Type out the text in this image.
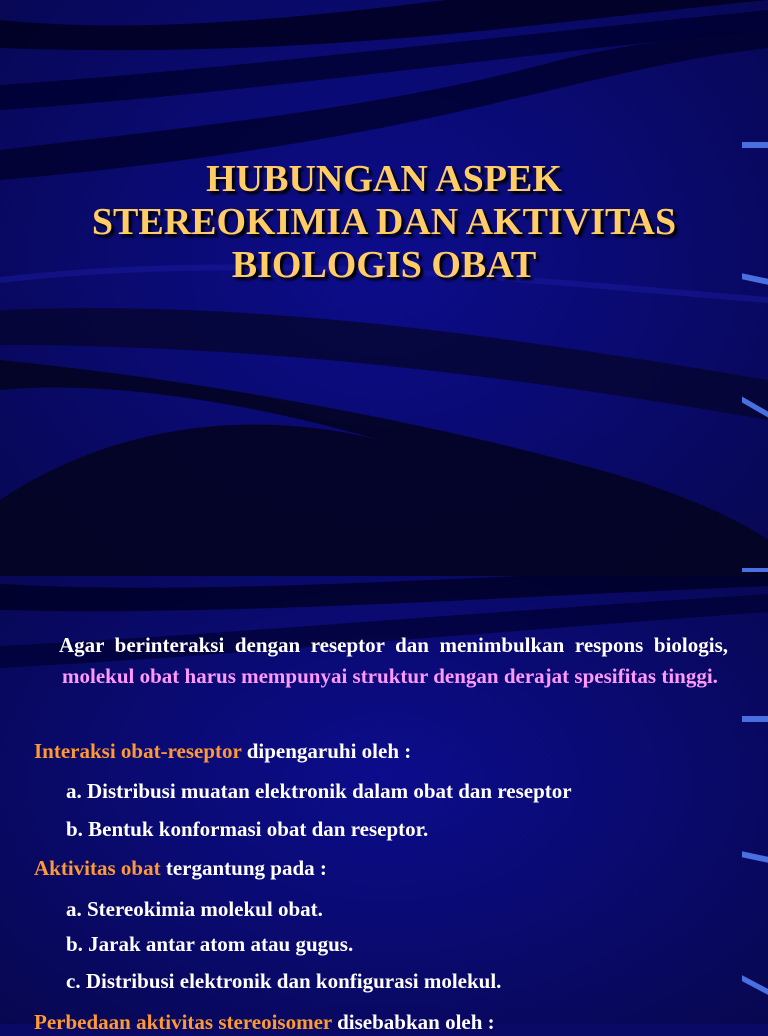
HUBUNGAN ASPEK
STEREOKIMIA DAN AKTIVITAS
BIOLOGIS OBAT

Agar berinteraksi dengan reseptor dan menimbulkan respons biologis, molekul obat harus mempunyai struktur dengan derajat spesifitas tinggi.

Interaksi obat-reseptor dipengaruhi oleh :

a. Distribusi muatan elektronik dalam obat dan reseptor

b. Bentuk konformasi obat dan reseptor.

Aktivitas obat tergantung pada :

a. Stereokimia molekul obat.

b. Jarak antar atom atau gugus.

c. Distribusi elektronik dan konfigurasi molekul.

Perbedaan aktivitas stereoisomer disebabkan oleh :
